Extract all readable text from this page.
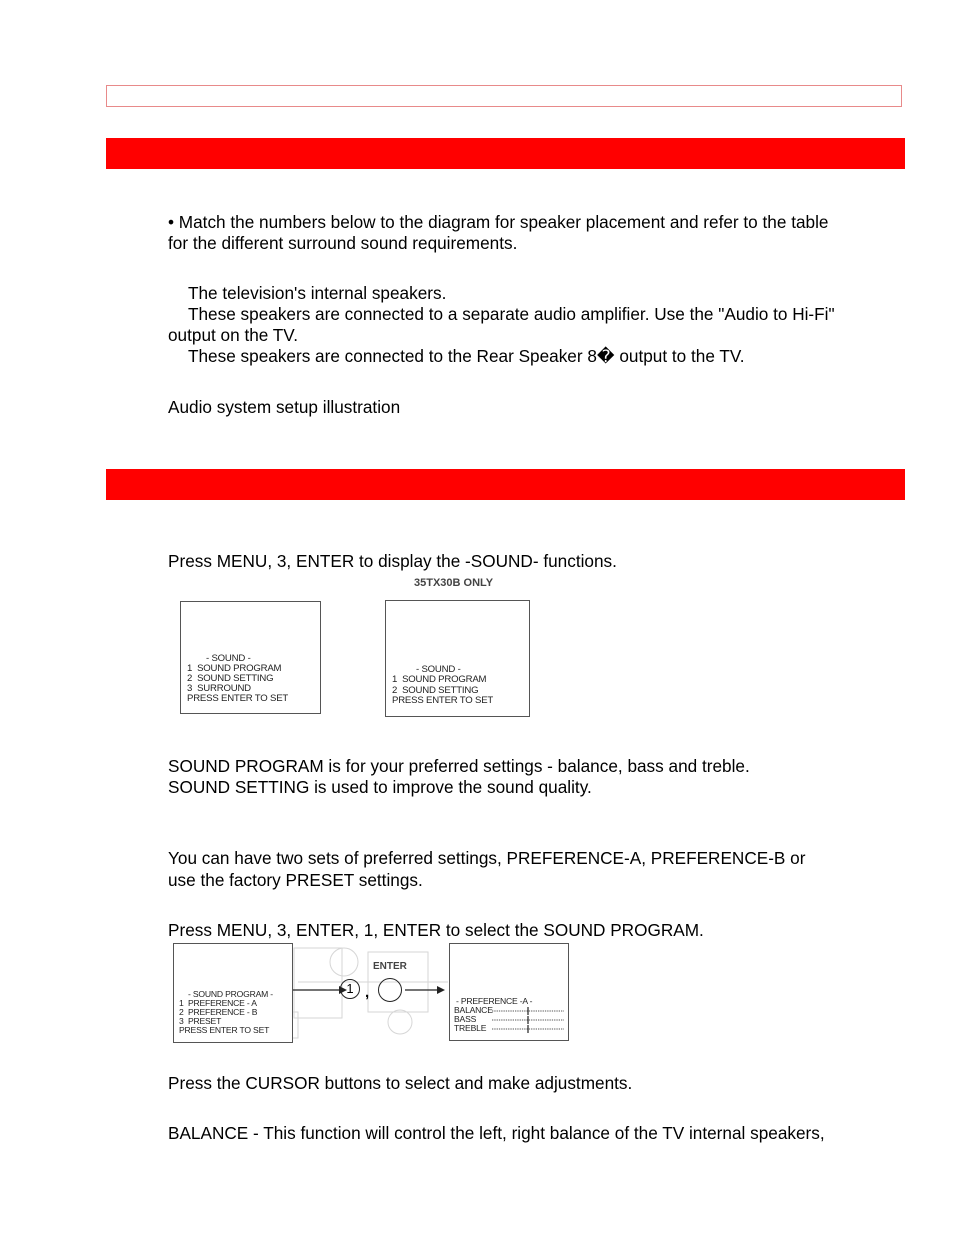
• Match the numbers below to the diagram for speaker placement and refer to the table
for the different surround sound requirements.
The television's internal speakers.
These speakers are connected to a separate audio amplifier. Use the "Audio to Hi-Fi"
output on the TV.
These speakers are connected to the Rear Speaker 8� output to the TV.
Audio system setup illustration
Press MENU, 3, ENTER to display the -SOUND- functions.
35TX30B ONLY
- SOUND -
1  SOUND PROGRAM
2  SOUND SETTING
3  SURROUND
PRESS ENTER TO SET
- SOUND -
1  SOUND PROGRAM
2  SOUND SETTING
PRESS ENTER TO SET
SOUND PROGRAM is for your preferred settings - balance, bass and treble.
SOUND SETTING is used to improve the sound quality.
You can have two sets of preferred settings, PREFERENCE-A, PREFERENCE-B or
use the factory PRESET settings.
Press MENU, 3, ENTER, 1, ENTER to select the SOUND PROGRAM.
- SOUND PROGRAM -
1  PREFERENCE - A
2  PREFERENCE - B
3  PRESET
PRESS ENTER TO SET
1 ,
ENTER
- PREFERENCE -A -
BALANCE
BASS
TREBLE
Press the CURSOR buttons to select and make adjustments.
BALANCE - This function will control the left, right balance of the TV internal speakers,
